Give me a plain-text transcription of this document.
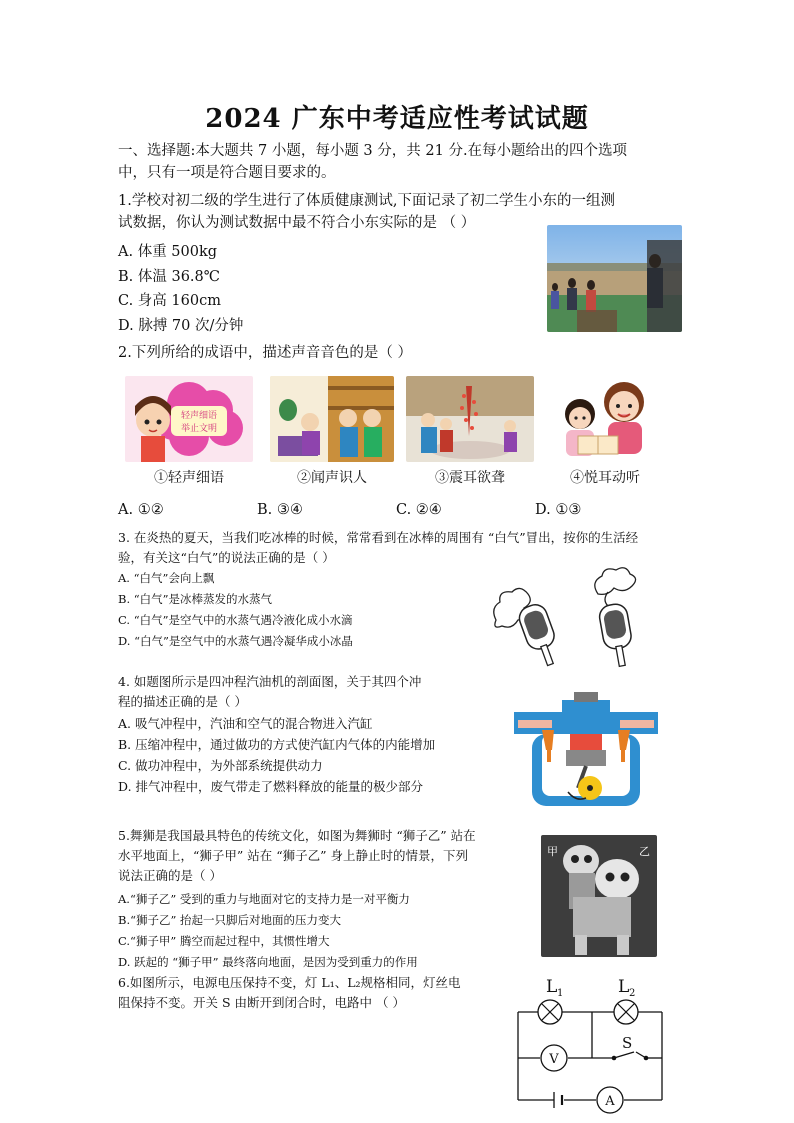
2024 广东中考适应性考试试题
一、选择题:本大题共 7 小题，每小题 3 分，共 21 分.在每小题给出的四个选项
中，只有一项是符合题目要求的。
1.学校对初二级的学生进行了体质健康测试,下面记录了初二学生小东的一组测
试数据，你认为测试数据中最不符合小东实际的是 （ ）
A. 体重 500kg
B. 体温 36.8℃
C. 身高 160cm
D. 脉搏 70 次/分钟
2.下列所给的成语中，描述声音音色的是（ ）
轻声细语
举止文明
①轻声细语	②闻声识人	③震耳欲聋	④悦耳动听
A. ①②	B. ③④	C. ②④	D. ①③
3. 在炎热的夏天，当我们吃冰棒的时候，常常看到在冰棒的周围有 “白气”冒出，按你的生活经
验，有关这“白气”的说法正确的是（ ）
A. “白气”会向上飘
B. “白气”是冰棒蒸发的水蒸气
C. “白气”是空气中的水蒸气遇冷液化成小水滴
D. “白气”是空气中的水蒸气遇冷凝华成小冰晶
4. 如题图所示是四冲程汽油机的剖面图，关于其四个冲
程的描述正确的是（ ）
A. 吸气冲程中，汽油和空气的混合物进入汽缸
B. 压缩冲程中，通过做功的方式使汽缸内气体的内能增加
C. 做功冲程中，为外部系统提供动力
D. 排气冲程中，废气带走了燃料释放的能量的极少部分
5.舞狮是我国最具特色的传统文化，如图为舞狮时 “狮子乙” 站在
水平地面上，“狮子甲” 站在 “狮子乙” 身上静止时的情景，下列
说法正确的是（ ）
A.“狮子乙” 受到的重力与地面对它的支持力是一对平衡力
B.“狮子乙” 抬起一只脚后对地面的压力变大
C.“狮子甲” 腾空而起过程中，其惯性增大
D. 跃起的 “狮子甲” 最终落向地面，是因为受到重力的作用
甲	乙
6.如图所示，电源电压保持不变，灯 L₁、L₂规格相同，灯丝电
阻保持不变。开关 S 由断开到闭合时，电路中 （ ）
L 1	L 2
S
V
A
